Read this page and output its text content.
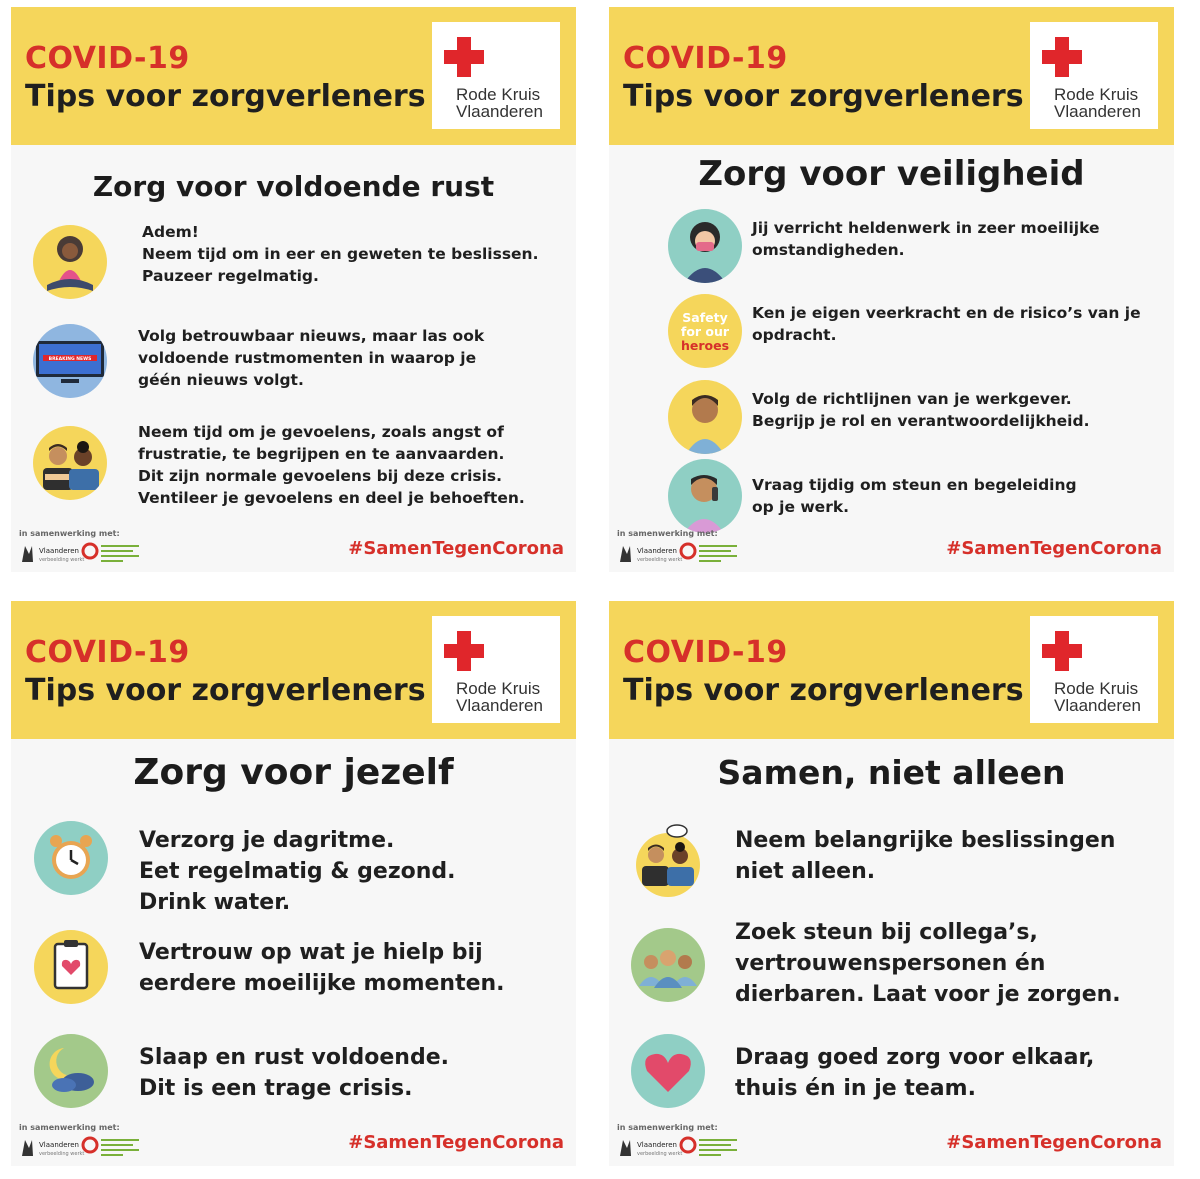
COVID-19
Tips voor zorgverleners Rode Kruis
Vlaanderen
Zorg voor voldoende rust
Adem!
Neem tijd om in eer en geweten te beslissen.
Pauzeer regelmatig.
BREAKING NEWS
Volg betrouwbaar nieuws, maar las ook
voldoende rustmomenten in waarop je
géén nieuws volgt.
Neem tijd om je gevoelens, zoals angst of
frustratie, te begrijpen en te aanvaarden.
Dit zijn normale gevoelens bij deze crisis.
Ventileer je gevoelens en deel je behoeften.
in samenwerking met:
Vlaanderen
verbeelding werkt
#SamenTegenCorona
COVID-19
Tips voor zorgverleners Rode Kruis
Vlaanderen
Zorg voor veiligheid
Jij verricht heldenwerk in zeer moeilijke
omstandigheden.
Safety
for our
heroes
Ken je eigen veerkracht en de risico’s van je
opdracht.
Volg de richtlijnen van je werkgever.
Begrijp je rol en verantwoordelijkheid.
Vraag tijdig om steun en begeleiding
op je werk.
in samenwerking met:
Vlaanderen
verbeelding werkt
#SamenTegenCorona
COVID-19
Tips voor zorgverleners Rode Kruis
Vlaanderen
Zorg voor jezelf
Verzorg je dagritme.
Eet regelmatig & gezond.
Drink water.
Vertrouw op wat je hielp bij
eerdere moeilijke momenten.
Slaap en rust voldoende.
Dit is een trage crisis.
in samenwerking met:
Vlaanderen
verbeelding werkt
#SamenTegenCorona
COVID-19
Tips voor zorgverleners Rode Kruis
Vlaanderen
Samen, niet alleen
Neem belangrijke beslissingen
niet alleen.
Zoek steun bij collega’s,
vertrouwenspersonen én
dierbaren. Laat voor je zorgen.
Draag goed zorg voor elkaar,
thuis én in je team.
in samenwerking met:
Vlaanderen
verbeelding werkt
#SamenTegenCorona
